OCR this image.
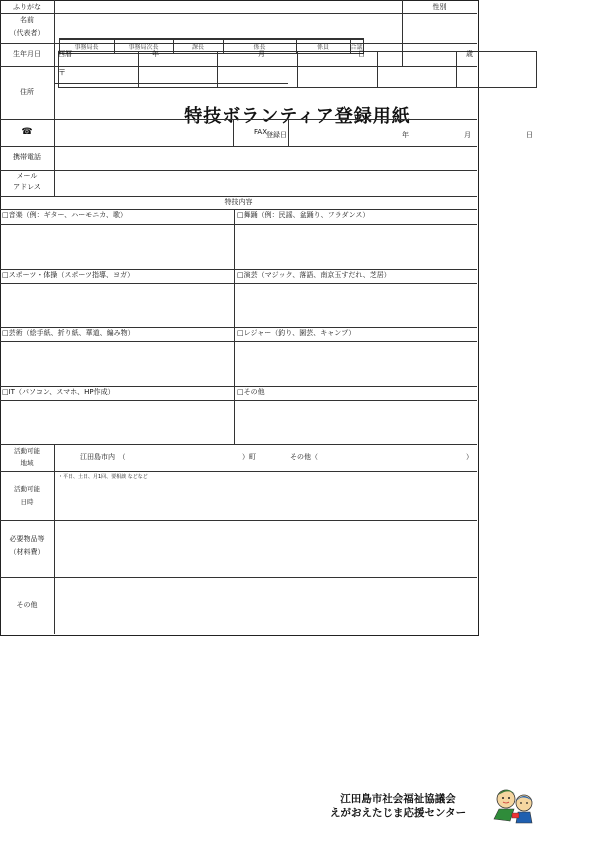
事務局長	事務局次長	課長	係長	係員	合議

特技ボランティア登録用紙
登録日	年	月	日
ふりがな	性別
名前
（代表者）
生年月日	西暦	年	月	日	歳
〒
住所
☎	FAX
携帯電話
メール
アドレス
特技内容
□音楽（例：ギター、ハーモニカ、歌）	□舞踊（例：民謡、盆踊り、フラダンス）
□スポーツ・体操（スポーツ指導、ヨガ）	□演芸（マジック、落語、南京玉すだれ、芝居）
□芸術（絵手紙、折り紙、華道、編み物）	□レジャー（釣り、園芸、キャンプ）
□IT（パソコン、スマホ、HP作成）	□その他
活動可能
地域
江田島市内　（	）町	その他（	）
活動可能
日時
・平日、土日、月1回、要相談 などなど
必要物品等
（材料費）
その他
江田島市社会福祉協議会
えがおえたじま応援センター
